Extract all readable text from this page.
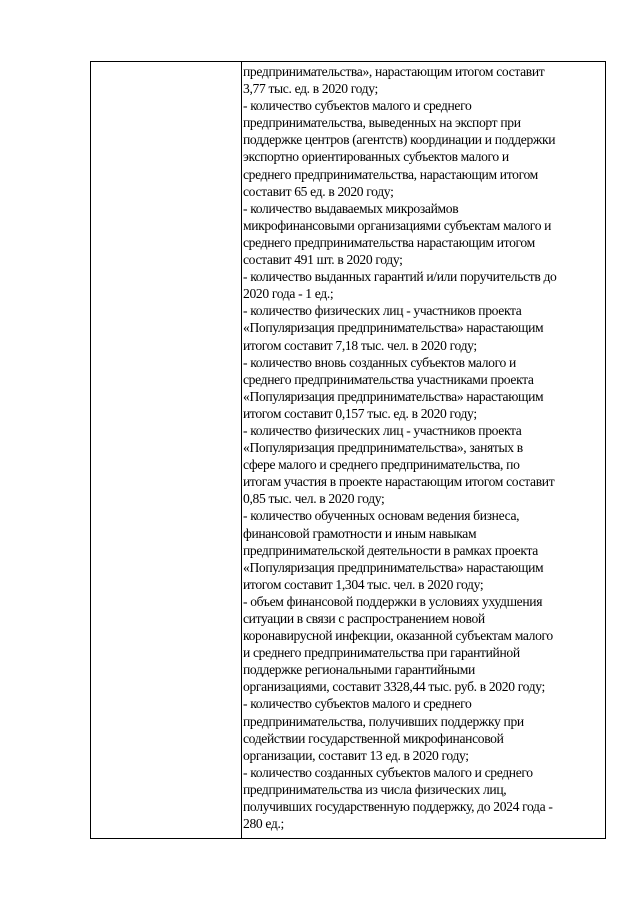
предпринимательства», нарастающим итогом составит
3,77 тыс. ед. в 2020 году;
- количество субъектов малого и среднего
предпринимательства, выведенных на экспорт при
поддержке центров (агентств) координации и поддержки
экспортно ориентированных субъектов малого и
среднего предпринимательства, нарастающим итогом
составит 65 ед. в 2020 году;
- количество выдаваемых микрозаймов
микрофинансовыми организациями субъектам малого и
среднего предпринимательства нарастающим итогом
составит 491 шт. в 2020 году;
- количество выданных гарантий и/или поручительств до
2020 года - 1 ед.;
- количество физических лиц - участников проекта
«Популяризация предпринимательства» нарастающим
итогом составит 7,18 тыс. чел. в 2020 году;
- количество вновь созданных субъектов малого и
среднего предпринимательства участниками проекта
«Популяризация предпринимательства» нарастающим
итогом составит 0,157 тыс. ед. в 2020 году;
- количество физических лиц - участников проекта
«Популяризация предпринимательства», занятых в
сфере малого и среднего предпринимательства, по
итогам участия в проекте нарастающим итогом составит
0,85 тыс. чел. в 2020 году;
- количество обученных основам ведения бизнеса,
финансовой грамотности и иным навыкам
предпринимательской деятельности в рамках проекта
«Популяризация предпринимательства» нарастающим
итогом составит 1,304 тыс. чел. в 2020 году;
- объем финансовой поддержки в условиях ухудшения
ситуации в связи с распространением новой
коронавирусной инфекции, оказанной субъектам малого
и среднего предпринимательства при гарантийной
поддержке региональными гарантийными
организациями, составит 3328,44 тыс. руб. в 2020 году;
- количество субъектов малого и среднего
предпринимательства, получивших поддержку при
содействии государственной микрофинансовой
организации, составит 13 ед. в 2020 году;
- количество созданных субъектов малого и среднего
предпринимательства из числа физических лиц,
получивших государственную поддержку, до 2024 года -
280 ед.;
